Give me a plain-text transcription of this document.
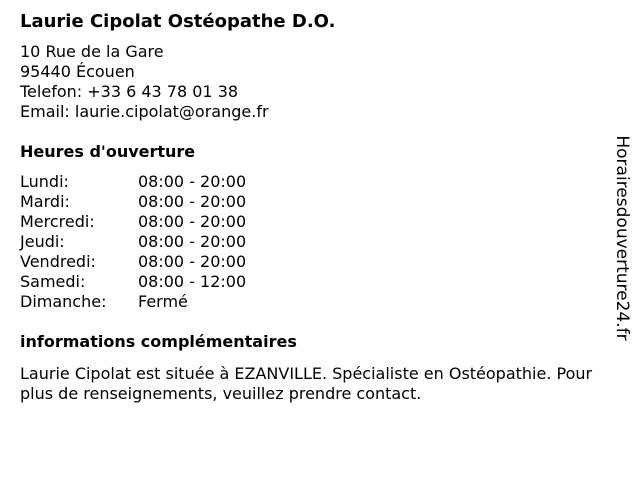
Laurie Cipolat Ostéopathe D.O.
10 Rue de la Gare
95440 Écouen
Telefon: +33 6 43 78 01 38
Email: laurie.cipolat@orange.fr
Heures d'ouverture
Lundi:	08:00 - 20:00
Mardi:	08:00 - 20:00
Mercredi:	08:00 - 20:00
Jeudi:	08:00 - 20:00
Vendredi:	08:00 - 20:00
Samedi:	08:00 - 12:00
Dimanche:	Fermé
informations complémentaires
Laurie Cipolat est située à EZANVILLE. Spécialiste en Ostéopathie. Pour plus de renseignements, veuillez prendre contact.
Horairesdouverture24.fr
